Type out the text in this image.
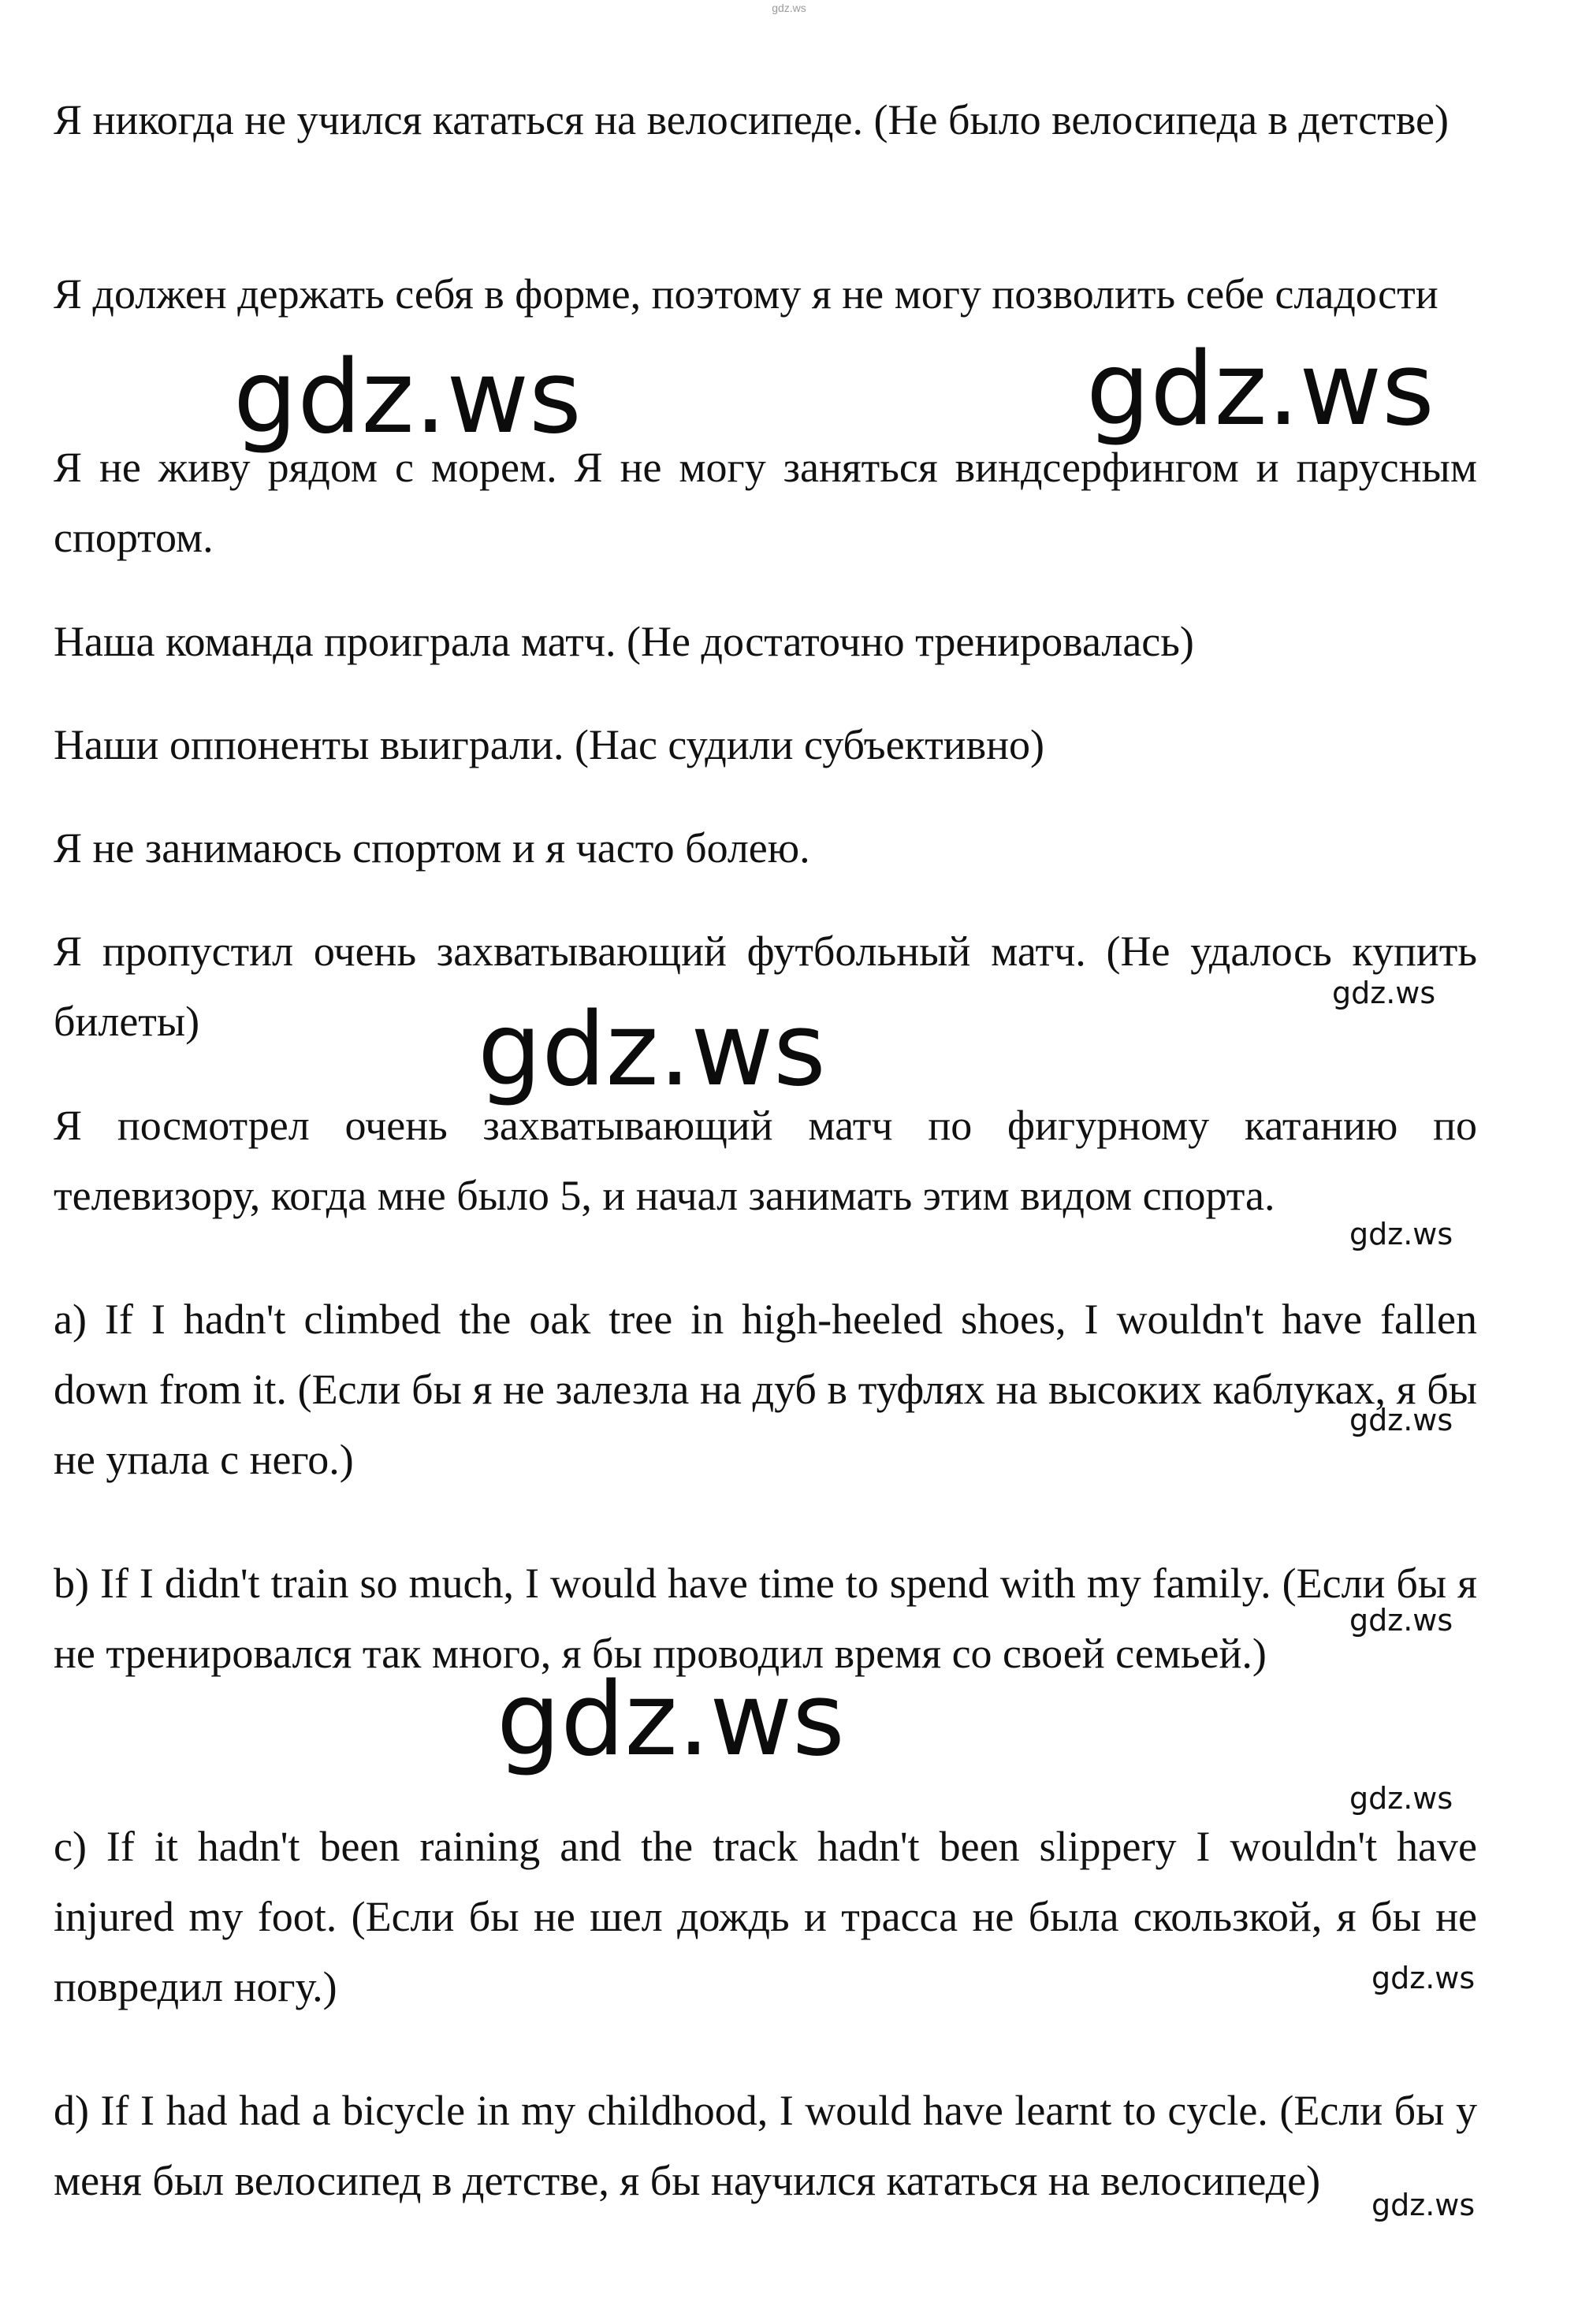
gdz.ws

Я никогда не учился кататься на велосипеде. (Не было велосипеда в детстве)

Я должен держать себя в форме, поэтому я не могу позволить себе сладости

Я не живу рядом с морем. Я не могу заняться виндсерфингом и парусным спортом.

Наша команда проиграла матч. (Не достаточно тренировалась)

Наши оппоненты выиграли. (Нас судили субъективно)

Я не занимаюсь спортом и я часто болею.

Я пропустил очень захватывающий футбольный матч. (Не удалось купить билеты)

Я посмотрел очень захватывающий матч по фигурному катанию по телевизору, когда мне было 5, и начал занимать этим видом спорта.

a) If I hadn't climbed the oak tree in high-heeled shoes, I wouldn't have fallen down from it. (Если бы я не залезла на дуб в туфлях на высоких каблуках, я бы не упала с него.)

b) If I didn't train so much, I would have time to spend with my family. (Если бы я не тренировался так много, я бы проводил время со своей семьей.)

c) If it hadn't been raining and the track hadn't been slippery I wouldn't have injured my foot. (Если бы не шел дождь и трасса не была скользкой, я бы не повредил ногу.)

d) If I had had a bicycle in my childhood, I would have learnt to cycle. (Если бы у меня был велосипед в детстве, я бы научился кататься на велосипеде)

gdz.ws	gdz.ws
gdz.ws
gdz.ws
gdz.ws
gdz.ws
gdz.ws
gdz.ws
gdz.ws
gdz.ws
gdz.ws
